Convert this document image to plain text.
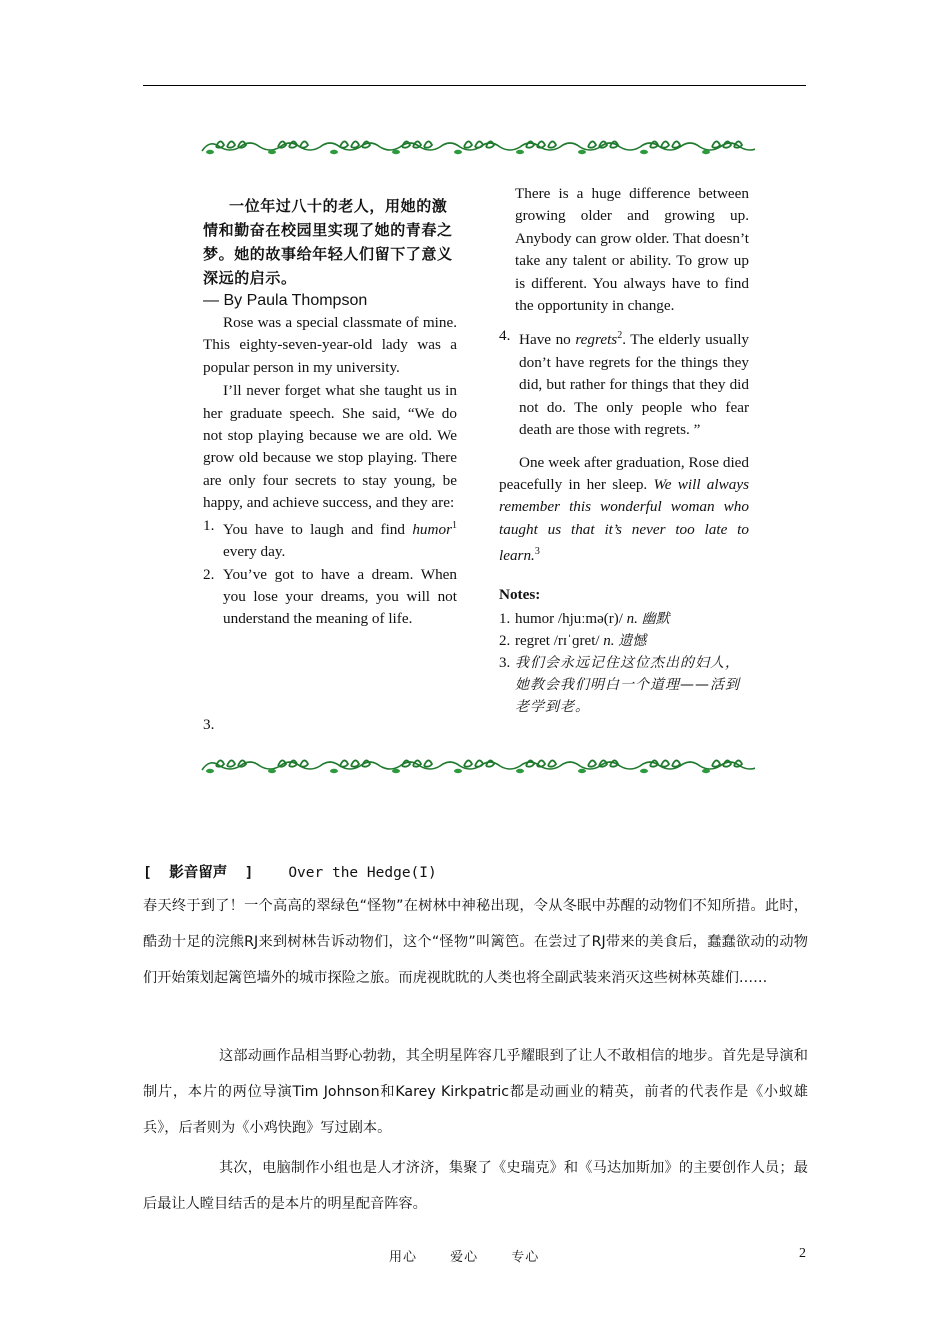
一位年过八十的老人，用她的激情和勤奋在校园里实现了她的青春之梦。她的故事给年轻人们留下了意义深远的启示。

— By Paula Thompson

Rose was a special classmate of mine. This eighty-seven-year-old lady was a popular person in my university.

I’ll never forget what she taught us in her graduate speech. She said, “We do not stop playing because we are old. We grow old because we stop playing. There are only four secrets to stay young, be happy, and achieve success, and they are:

1. You have to laugh and find humor$^1$ every day.
2. You’ve got to have a dream. When you lose your dreams, you will not understand the meaning of life.
3.
There is a huge difference between growing older and growing up. Anybody can grow older. That doesn’t take any talent or ability. To grow up is different. You always have to find the opportunity in change.
4. Have no regrets$^2$. The elderly usually don’t have regrets for the things they did, but rather for things that they did not do. The only people who fear death are those with regrets. ”

One week after graduation, Rose died peacefully in her sleep. We will always remember this wonderful woman who taught us that it’s never too late to learn.$^3$

Notes:

1. humor /hjuːmə(r)/ n. 幽默
2. regret /rɪˈɡret/ n. 遗憾
3. 我们会永远记住这位杰出的妇人，她教会我们明白一个道理——活到老学到老。
[ 影音留声 ] Over the Hedge(I)

春天终于到了！一个高高的翠绿色“怪物”在树林中神秘出现，令从冬眠中苏醒的动物们不知所措。此时，酷劲十足的浣熊RJ来到树林告诉动物们，这个“怪物”叫篱笆。在尝过了RJ带来的美食后，蠢蠢欲动的动物们开始策划起篱笆墙外的城市探险之旅。而虎视眈眈的人类也将全副武装来消灭这些树林英雄们……

这部动画作品相当野心勃勃，其全明星阵容几乎耀眼到了让人不敢相信的地步。首先是导演和制片，本片的两位导演Tim Johnson和Karey Kirkpatric都是动画业的精英，前者的代表作是《小蚁雄兵》，后者则为《小鸡快跑》写过剧本。

其次，电脑制作小组也是人才济济，集聚了《史瑞克》和《马达加斯加》的主要创作人员；最后最让人瞠目结舌的是本片的明星配音阵容。

用心 爱心 专心	2
